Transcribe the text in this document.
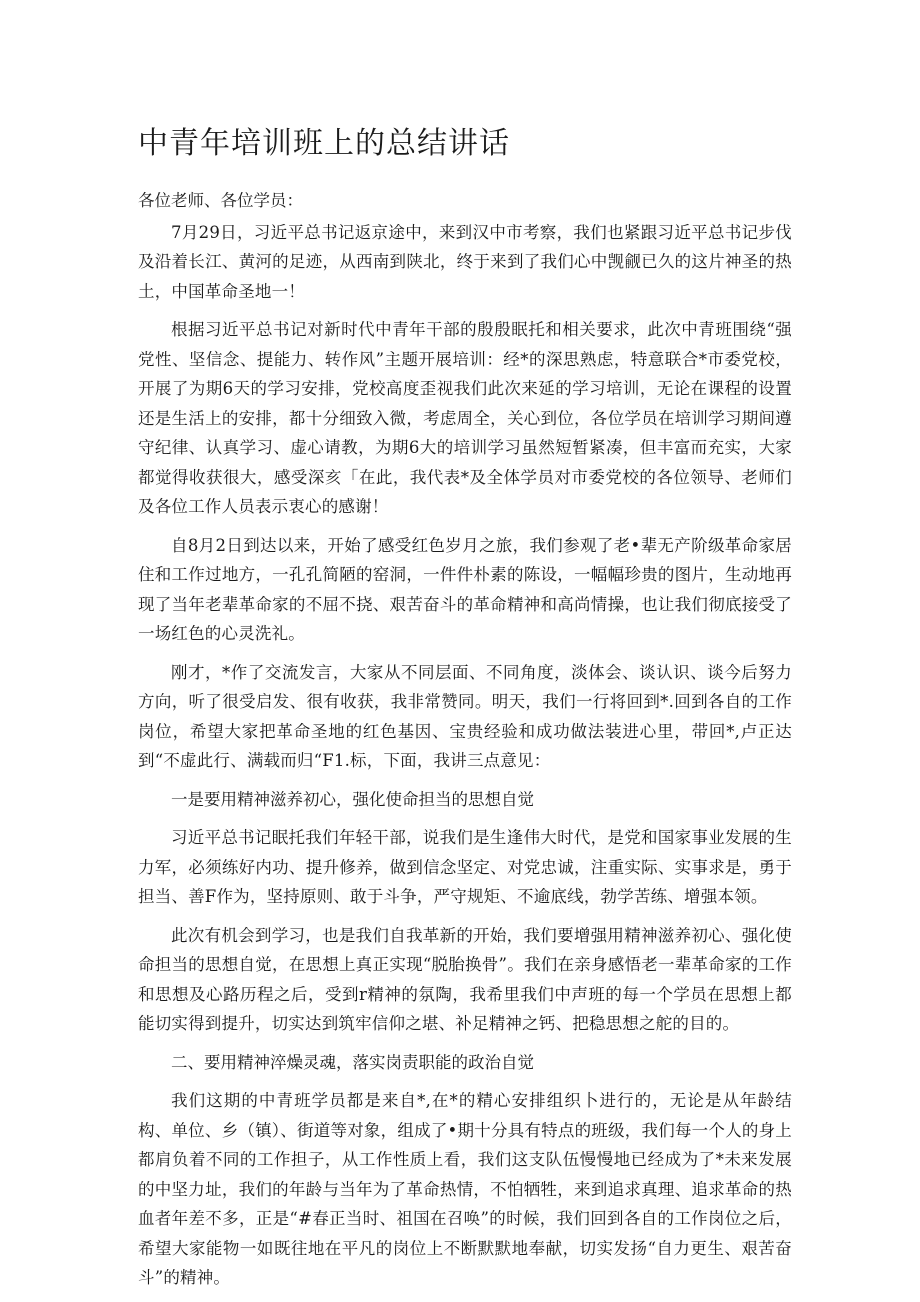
中青年培训班上的总结讲话

各位老师、各位学员：

7月29日，习近平总书记返京途中，来到汉中市考察，我们也紧跟习近平总书记步伐及沿着长江、黄河的足迹，从西南到陕北，终于来到了我们心中觊觎已久的这片神圣的热土，中国革命圣地一！

根据习近平总书记对新时代中青年干部的殷殷眠托和相关要求，此次中青班围绕“强党性、坚信念、提能力、转作风”主题开展培训：经*的深思熟虑，特意联合*市委党校，开展了为期6天的学习安排，党校高度歪视我们此次来延的学习培训，无论在课程的设置还是生活上的安排，都十分细致入微，考虑周全，关心到位，各位学员在培训学习期间遵守纪律、认真学习、虚心请教，为期6大的培训学习虽然短暂紧凑，但丰富而充实，大家都觉得收获很大，感受深亥「在此，我代表*及全体学员对市委党校的各位领导、老师们及各位工作人员表示衷心的感谢！

自8月2日到达以来，开始了感受红色岁月之旅，我们参观了老•辈无产阶级革命家居住和工作过地方，一孔孔简陋的窑洞，一件件朴素的陈设，一幅幅珍贵的图片，生动地再现了当年老辈革命家的不屈不挠、艰苦奋斗的革命精神和高尚情操，也让我们彻底接受了一场红色的心灵洗礼。

刚才，*作了交流发言，大家从不同层面、不同角度，淡体会、谈认识、谈今后努力方向，听了很受启发、很有收获，我非常赞同。明天，我们一行将回到*.回到各自的工作岗位，希望大家把革命圣地的红色基因、宝贵经验和成功做法装进心里，带回*,卢正达到“不虚此行、满载而归“F1.标，下面，我讲三点意见：

一是要用精神滋养初心，强化使命担当的思想自觉

习近平总书记眠托我们年轻干部，说我们是生逢伟大时代，是党和国家事业发展的生力军，必须练好内功、提升修养，做到信念坚定、对党忠诚，注重实际、实事求是，勇于担当、善F作为，坚持原则、敢于斗争，严守规矩、不逾底线，勃学苦练、增强本领。

此次有机会到学习，也是我们自我革新的开始，我们要增强用精神滋养初心、强化使命担当的思想自觉，在思想上真正实现“脱胎换骨”。我们在亲身感悟老一辈革命家的工作和思想及心路历程之后，受到r精神的氛陶，我希里我们中声班的每一个学员在思想上都能切实得到提升，切实达到筑牢信仰之堪、补足精神之钙、把稳思想之舵的目的。

二、要用精神淬燥灵魂，落实岗责职能的政治自觉

我们这期的中青班学员都是来自*,在*的精心安排组织卜进行的，无论是从年龄结构、单位、乡（镇）、街道等对象，组成了•期十分具有特点的班级，我们每一个人的身上都肩负着不同的工作担子，从工作性质上看，我们这支队伍慢慢地已经成为了*未来发展的中坚力址，我们的年龄与当年为了革命热情，不怕牺牲，来到追求真理、追求革命的热血者年差不多，正是“#春正当时、祖国在召唤”的时候，我们回到各自的工作岗位之后，希望大家能物一如既往地在平凡的岗位上不断默默地奉献，切实发扬“自力更生、艰苦奋斗”的精神。
